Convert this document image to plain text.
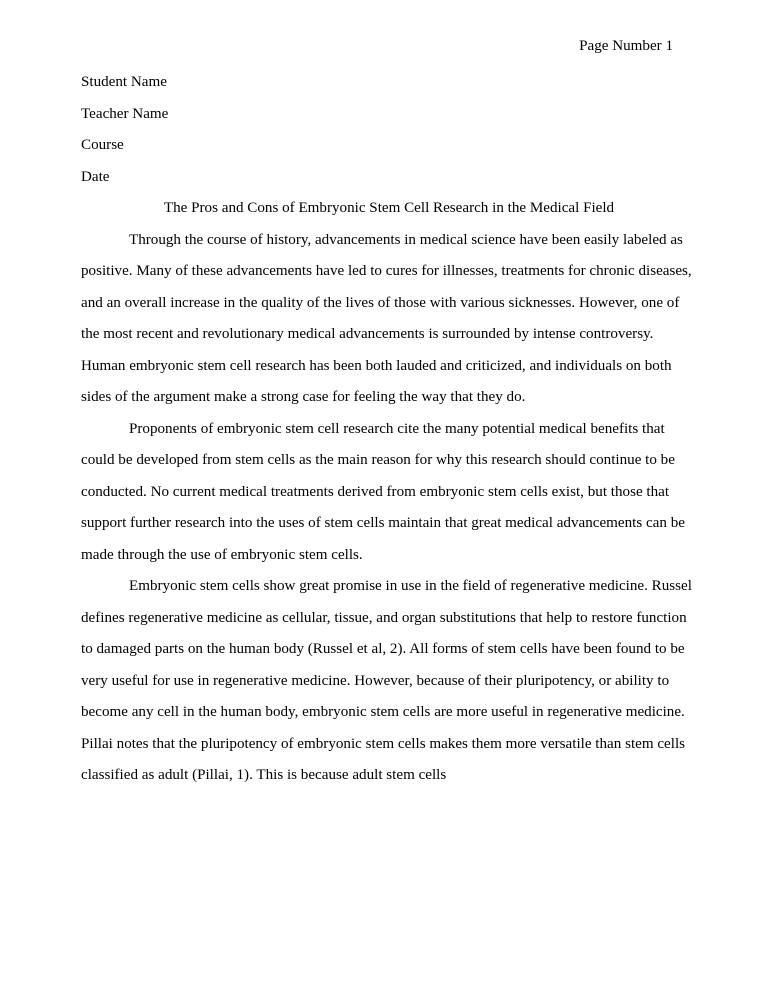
Page Number 1
Student Name
Teacher Name
Course
Date
The Pros and Cons of Embryonic Stem Cell Research in the Medical Field

Through the course of history, advancements in medical science have been easily labeled as positive. Many of these advancements have led to cures for illnesses, treatments for chronic diseases, and an overall increase in the quality of the lives of those with various sicknesses. However, one of the most recent and revolutionary medical advancements is surrounded by intense controversy. Human embryonic stem cell research has been both lauded and criticized, and individuals on both sides of the argument make a strong case for feeling the way that they do.

Proponents of embryonic stem cell research cite the many potential medical benefits that could be developed from stem cells as the main reason for why this research should continue to be conducted. No current medical treatments derived from embryonic stem cells exist, but those that support further research into the uses of stem cells maintain that great medical advancements can be made through the use of embryonic stem cells.

Embryonic stem cells show great promise in use in the field of regenerative medicine. Russel defines regenerative medicine as cellular, tissue, and organ substitutions that help to restore function to damaged parts on the human body (Russel et al, 2). All forms of stem cells have been found to be very useful for use in regenerative medicine. However, because of their pluripotency, or ability to become any cell in the human body, embryonic stem cells are more useful in regenerative medicine. Pillai notes that the pluripotency of embryonic stem cells makes them more versatile than stem cells classified as adult (Pillai, 1). This is because adult stem cells
